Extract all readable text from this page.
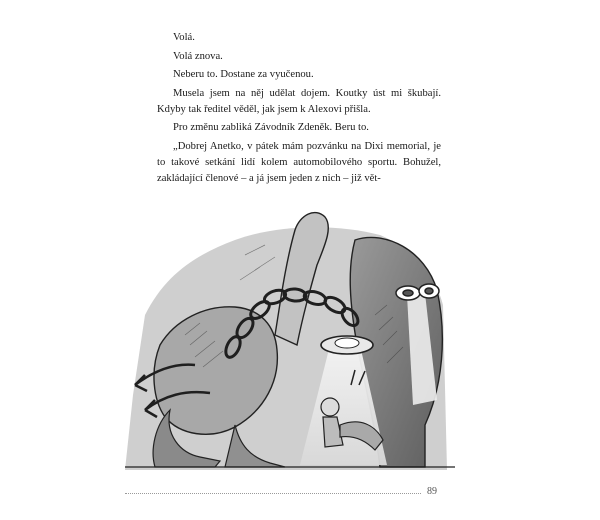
Volá.

Volá znova.

Neberu to. Dostane za vyučenou.

Musela jsem na něj udělat dojem. Koutky úst mi škubají. Kdyby tak ředitel věděl, jak jsem k Alexovi přišla.

Pro změnu zabliká Závodník Zdeněk. Beru to.

„Dobrej Anetko, v pátek mám pozvánku na Dixi memorial, je to takové setkání lidí kolem automobilového sportu. Bohužel, zakládající členové – a já jsem jeden z nich – již vět-

89
